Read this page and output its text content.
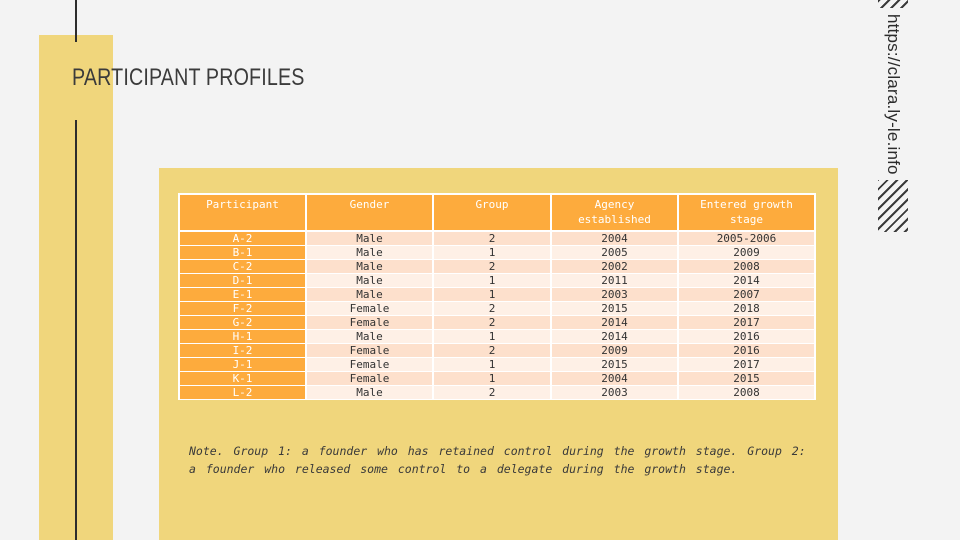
PARTICIPANT PROFILES
Participant	Gender	Group	Agency established	Entered growth stage
A-2	Male	2	2004	2005-2006
B-1	Male	1	2005	2009
C-2	Male	2	2002	2008
D-1	Male	1	2011	2014
E-1	Male	1	2003	2007
F-2	Female	2	2015	2018
G-2	Female	2	2014	2017
H-1	Male	1	2014	2016
I-2	Female	2	2009	2016
J-1	Female	1	2015	2017
K-1	Female	1	2004	2015
L-2	Male	2	2003	2008
Note. Group 1: a founder who has retained control during the growth stage. Group 2: a founder who released some control to a delegate during the growth stage.
https://clara.ly-le.info
